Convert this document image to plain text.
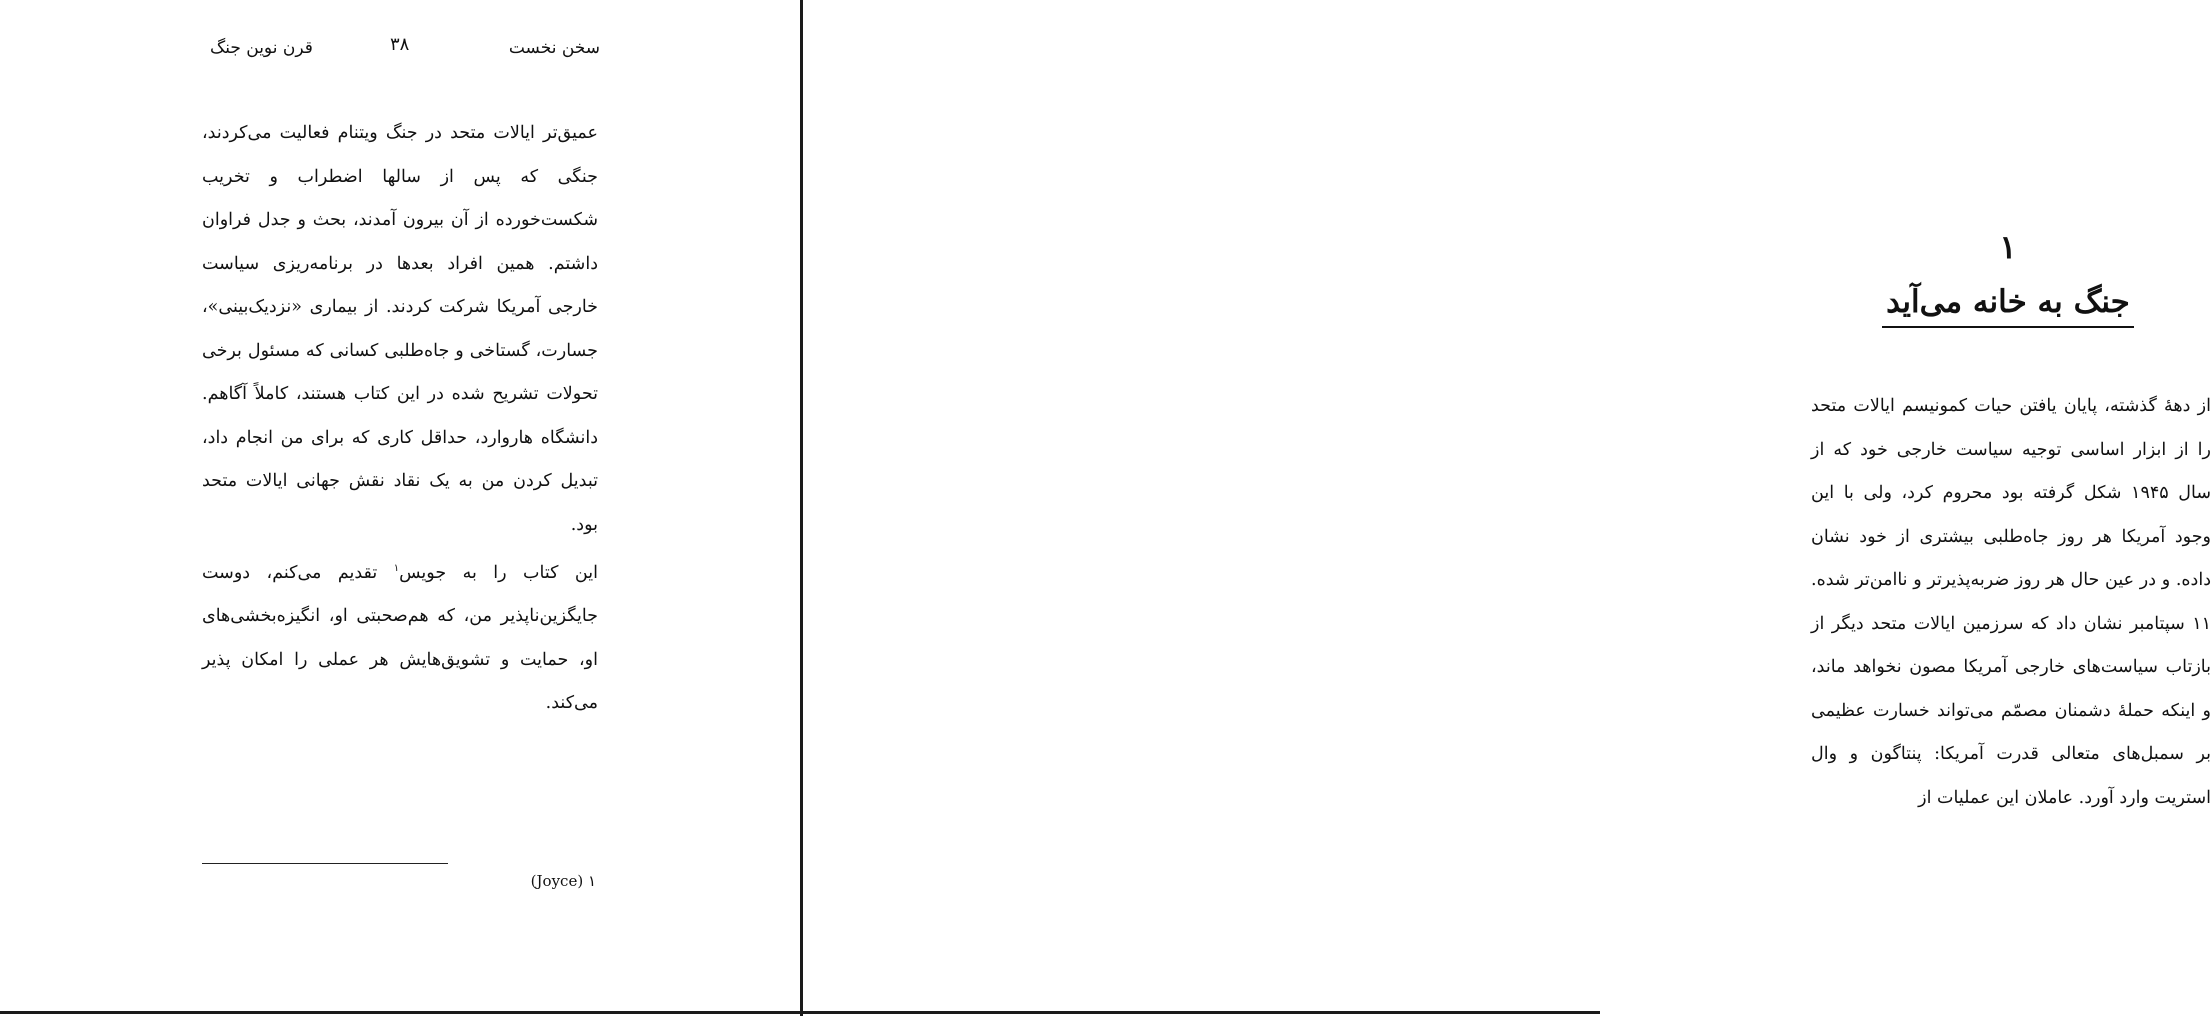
سخن نخست
۳۸
قرن نوین جنگ

عمیق‌تر ایالات متحد در جنگ ویتنام فعالیت می‌کردند، جنگی که پس از سالها اضطراب و تخریب شکست‌خورده از آن بیرون آمدند، بحث و جدل فراوان داشتم. همین افراد بعدها در برنامه‌ریزی سیاست خارجی آمریکا شرکت کردند. از بیماری «نزدیک‌بینی»، جسارت، گستاخی و جاه‌طلبی کسانی که مسئول برخی تحولات تشریح شده در این کتاب هستند، کاملاً آگاهم. دانشگاه هاروارد، حداقل کاری که برای من انجام داد، تبدیل کردن من به یک نقاد نقش جهانی ایالات متحد بود.

این کتاب را به جویس$^۱$ تقدیم می‌کنم، دوست جایگزین‌ناپذیر من، که هم‌صحبتی او، انگیزه‌بخشی‌های او، حمایت و تشویق‌هایش هر عملی را امکان پذیر می‌کند.

(Joyce) ۱
۱
جنگ به خانه می‌آید

از دههٔ گذشته، پایان یافتن حیات کمونیسم ایالات متحد را از ابزار اساسی توجیه سیاست خارجی خود که از سال ۱۹۴۵ شکل گرفته بود محروم کرد، ولی با این وجود آمریکا هر روز جاه‌طلبی بیشتری از خود نشان داده. و در عین حال هر روز ضربه‌پذیرتر و ناامن‌تر شده. ۱۱ سپتامبر نشان داد که سرزمین ایالات متحد دیگر از بازتاب سیاست‌های خارجی آمریکا مصون نخواهد ماند، و اینکه حملهٔ دشمنان مصمّم می‌تواند خسارت عظیمی بر سمبل‌های متعالی قدرت آمریکا: پنتاگون و وال استریت وارد آورد. عاملان این عملیات از
